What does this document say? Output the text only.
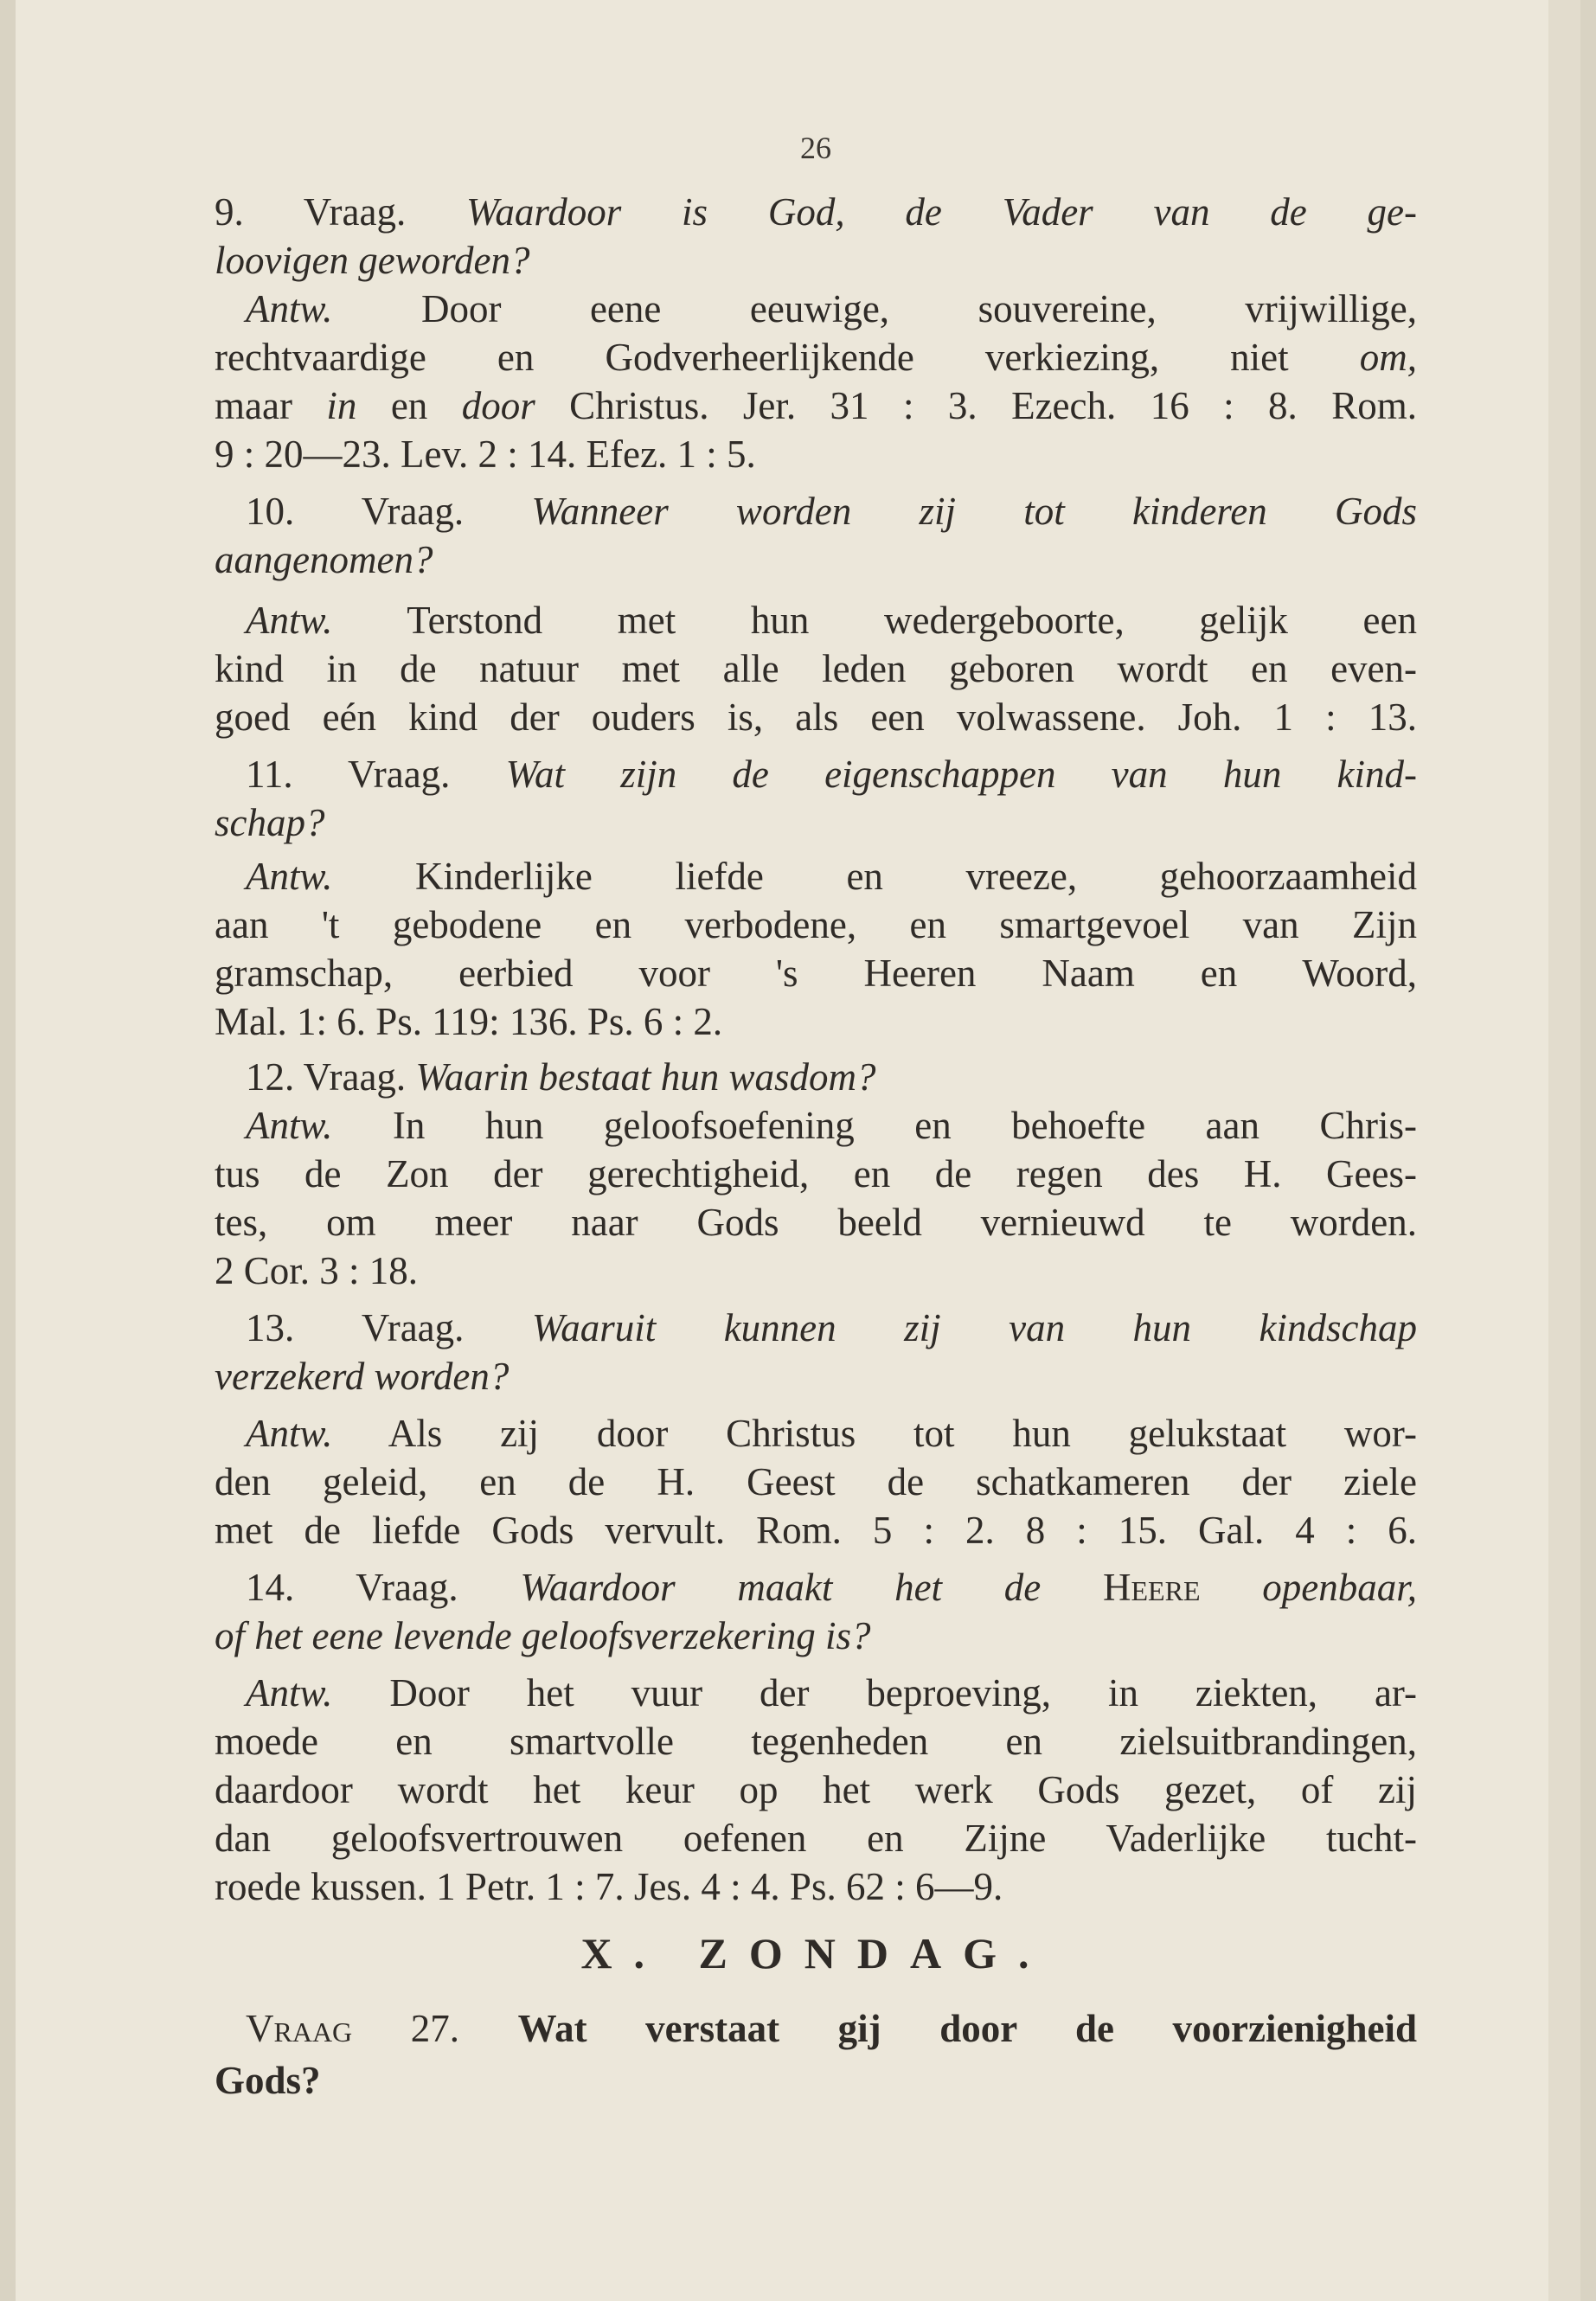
26
9. Vraag. Waardoor is God, de Vader van de ge-
loovigen geworden?
Antw. Door eene eeuwige, souvereine, vrijwillige,
rechtvaardige en Godverheerlijkende verkiezing, niet om,
maar in en door Christus. Jer. 31 : 3. Ezech. 16 : 8. Rom.
9 : 20—23. Lev. 2 : 14. Efez. 1 : 5.
10. Vraag. Wanneer worden zij tot kinderen Gods
aangenomen?
Antw. Terstond met hun wedergeboorte, gelijk een
kind in de natuur met alle leden geboren wordt en even-
goed eén kind der ouders is, als een volwassene. Joh. 1 : 13.
11. Vraag. Wat zijn de eigenschappen van hun kind-
schap?
Antw. Kinderlijke liefde en vreeze, gehoorzaamheid
aan 't gebodene en verbodene, en smartgevoel van Zijn
gramschap, eerbied voor 's Heeren Naam en Woord,
Mal. 1: 6. Ps. 119: 136. Ps. 6 : 2.
12. Vraag. Waarin bestaat hun wasdom?
Antw. In hun geloofsoefening en behoefte aan Chris-
tus de Zon der gerechtigheid, en de regen des H. Gees-
tes, om meer naar Gods beeld vernieuwd te worden.
2 Cor. 3 : 18.
13. Vraag. Waaruit kunnen zij van hun kindschap
verzekerd worden?
Antw. Als zij door Christus tot hun gelukstaat wor-
den geleid, en de H. Geest de schatkameren der ziele
met de liefde Gods vervult. Rom. 5 : 2. 8 : 15. Gal. 4 : 6.
14. Vraag. Waardoor maakt het de Heere openbaar,
of het eene levende geloofsverzekering is?
Antw. Door het vuur der beproeving, in ziekten, ar-
moede en smartvolle tegenheden en zielsuitbrandingen,
daardoor wordt het keur op het werk Gods gezet, of zij
dan geloofsvertrouwen oefenen en Zijne Vaderlijke tucht-
roede kussen. 1 Petr. 1 : 7. Jes. 4 : 4. Ps. 62 : 6—9.
X. ZONDAG.
Vraag 27. Wat verstaat gij door de voorzienigheid
Gods?
